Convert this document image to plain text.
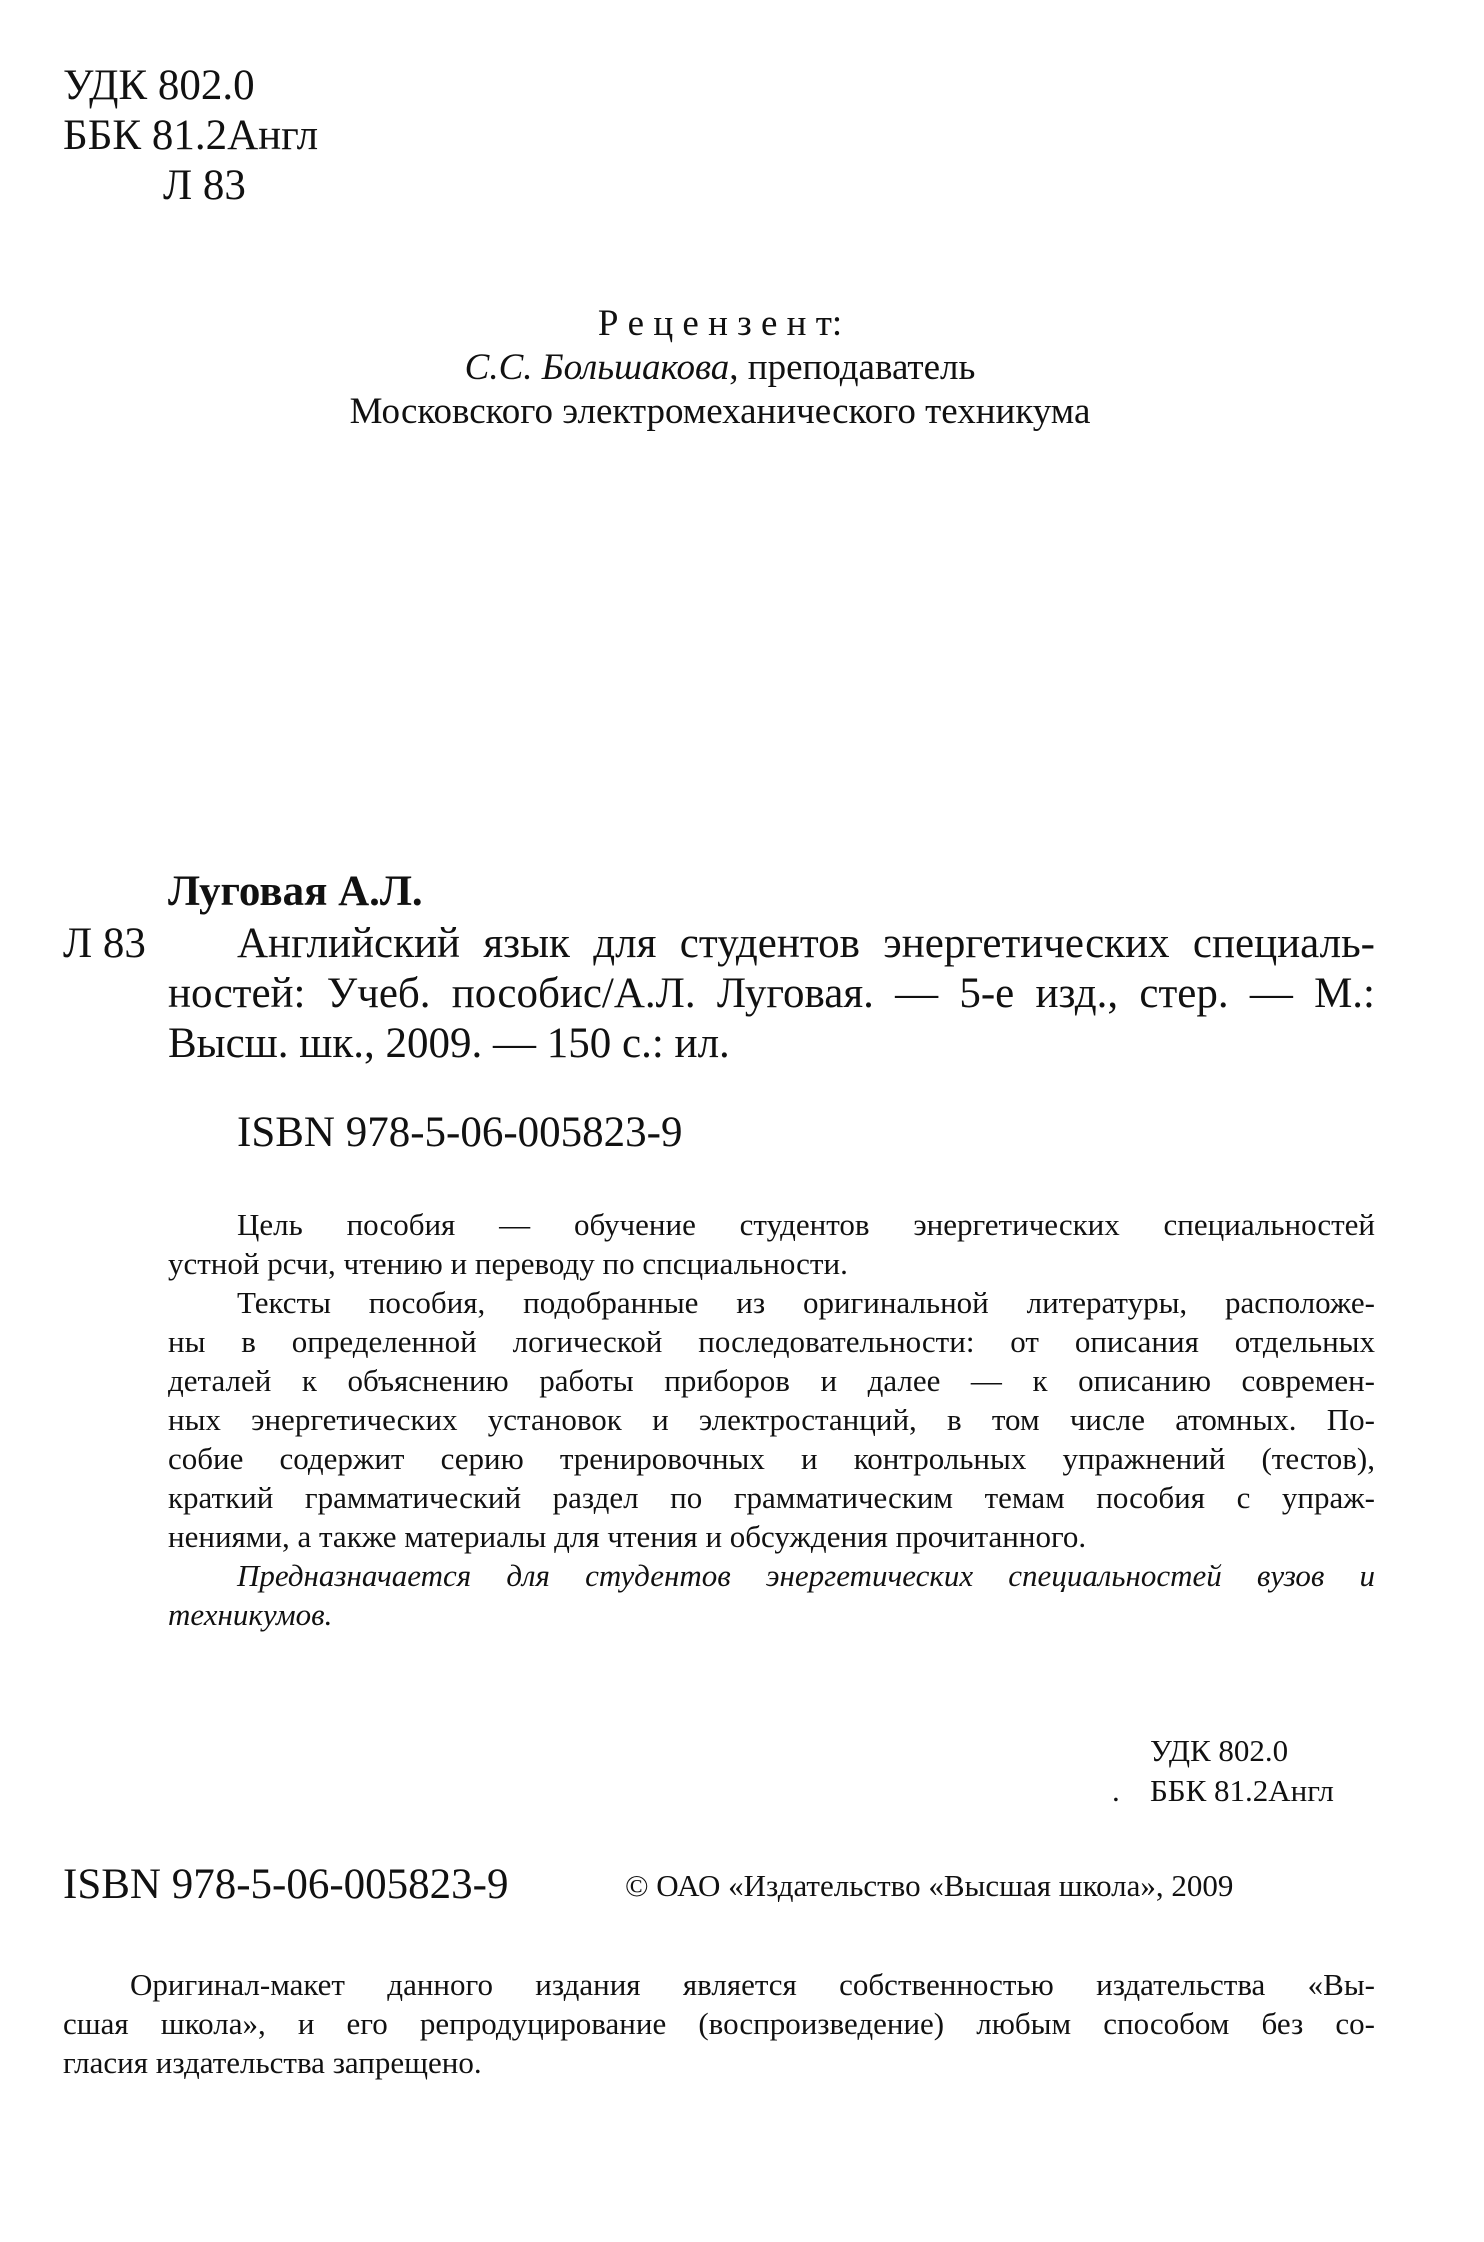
УДК 802.0
ББК 81.2Англ
Л 83
Р е ц е н з е н т:
С.С. Большакова, преподаватель
Московского электромеханического техникума
Луговая А.Л.
Л 83 Английский язык для студентов энергетических специаль-
ностей: Учеб. пособис/А.Л. Луговая. — 5-е изд., стер. — М.:
Высш. шк., 2009. — 150 с.: ил.
ISBN 978-5-06-005823-9
Цель пособия — обучение студентов энергетических специальностей
устной рсчи, чтению и переводу по спсциальности.
Тексты пособия, подобранные из оригинальной литературы, расположе-
ны в определенной логической последовательности: от описания отдельных
деталей к объяснению работы приборов и далее — к описанию современ-
ных энергетических установок и электростанций, в том числе атомных. По-
собие содержит серию тренировочных и контрольных упражнений (тестов),
краткий грамматический раздел по грамматическим темам пособия с упраж-
нениями, а также материалы для чтения и обсуждения прочитанного.
Предназначается для студентов энергетических специальностей вузов и
техникумов.
УДК 802.0
. ББК 81.2Англ
ISBN 978-5-06-005823-9	© ОАО «Издательство «Высшая школа», 2009
Оригинал-макет данного издания является собственностью издательства «Вы-
сшая школа», и его репродуцирование (воспроизведение) любым способом без со-
гласия издательства запрещено.
